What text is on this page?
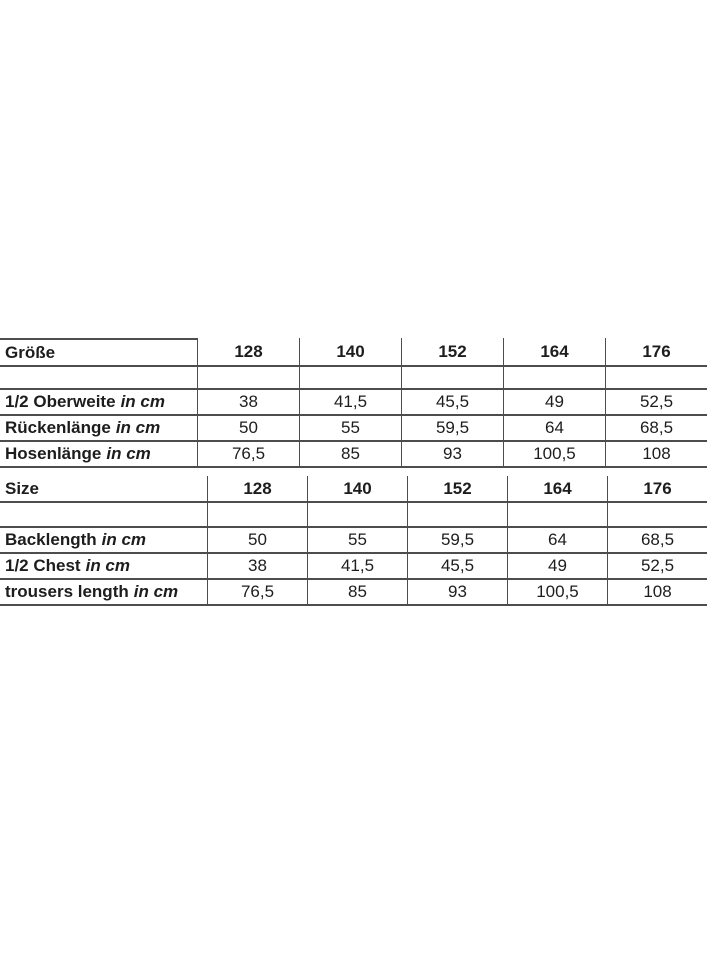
Größe	128	140	152	164	176
1/2 Oberweite in cm	38	41,5	45,5	49	52,5
Rückenlänge in cm	50	55	59,5	64	68,5
Hosenlänge in cm	76,5	85	93	100,5	108
Size	128	140	152	164	176
Backlength in cm	50	55	59,5	64	68,5
1/2 Chest in cm	38	41,5	45,5	49	52,5
trousers length in cm	76,5	85	93	100,5	108
